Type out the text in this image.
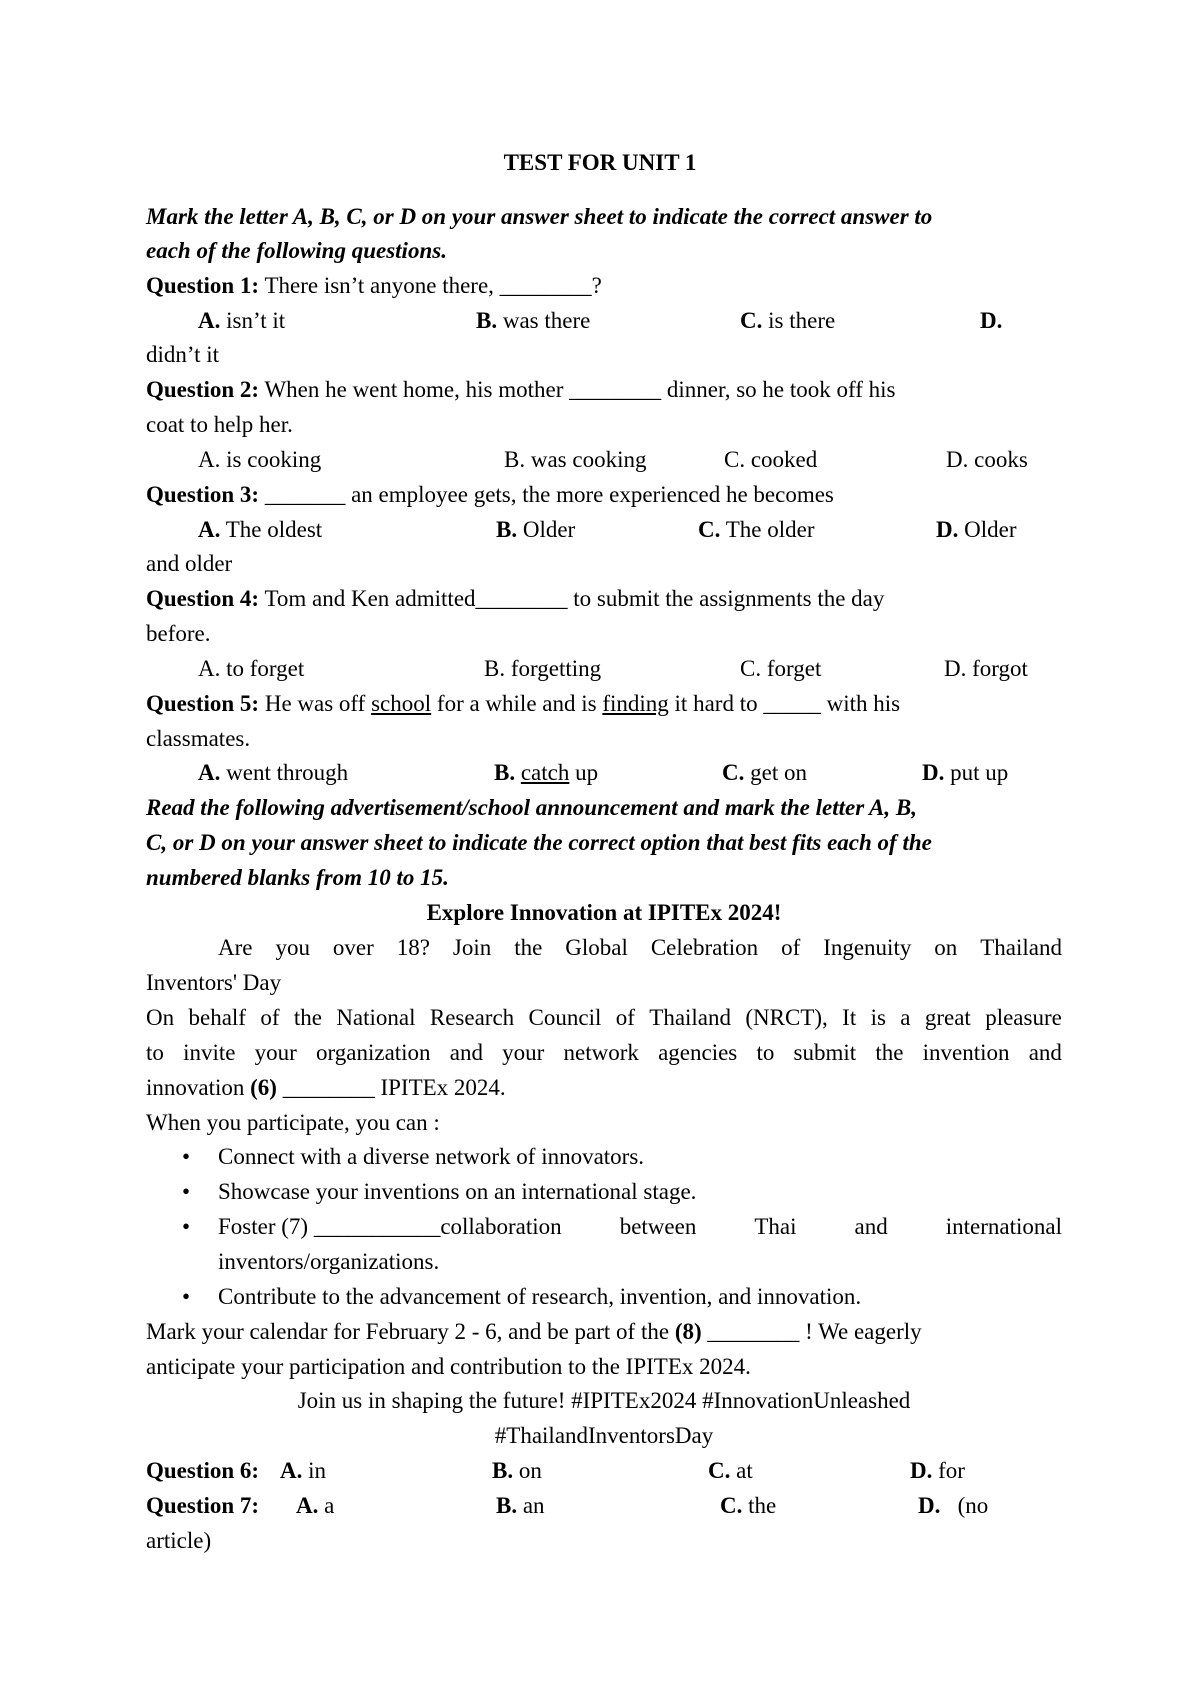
TEST FOR UNIT 1
Mark the letter A, B, C, or D on your answer sheet to indicate the correct answer to
each of the following questions.
Question 1: There isn’t anyone there, ________?
A. isn’t it	B. was there	C. is there	D.
didn’t it
Question 2: When he went home, his mother ________ dinner, so he took off his
coat to help her.
A. is cooking	B. was cooking	C. cooked	D. cooks
Question 3: _______ an employee gets, the more experienced he becomes
A. The oldest	B. Older	C. The older	D. Older
and older
Question 4: Tom and Ken admitted________ to submit the assignments the day
before.
A. to forget	B. forgetting	C. forget	D. forgot
Question 5: He was off school for a while and is finding it hard to _____ with his
classmates.
A. went through	B. catch up	C. get on	D. put up
Read the following advertisement/school announcement and mark the letter A, B,
C, or D on your answer sheet to indicate the correct option that best fits each of the
numbered blanks from 10 to 15.
Explore Innovation at IPITEx 2024!
Are you over 18? Join the Global Celebration of Ingenuity on Thailand
Inventors' Day
On behalf of the National Research Council of Thailand (NRCT), It is a great pleasure
to invite your organization and your network agencies to submit the invention and
innovation (6) ________ IPITEx 2024.
When you participate, you can :
•
Connect with a diverse network of innovators.
•
Showcase your inventions on an international stage.
•
Foster (7) ___________collaboration	between	Thai	and	international
inventors/organizations.
•
Contribute to the advancement of research, invention, and innovation.
Mark your calendar for February 2 - 6, and be part of the (8) ________ ! We eagerly
anticipate your participation and contribution to the IPITEx 2024.
Join us in shaping the future! #IPITEx2024 #InnovationUnleashed
#ThailandInventorsDay
Question 6: A. in	B. on	C. at	D. for
Question 7: A. a	B. an	C. the	D. (no
article)
